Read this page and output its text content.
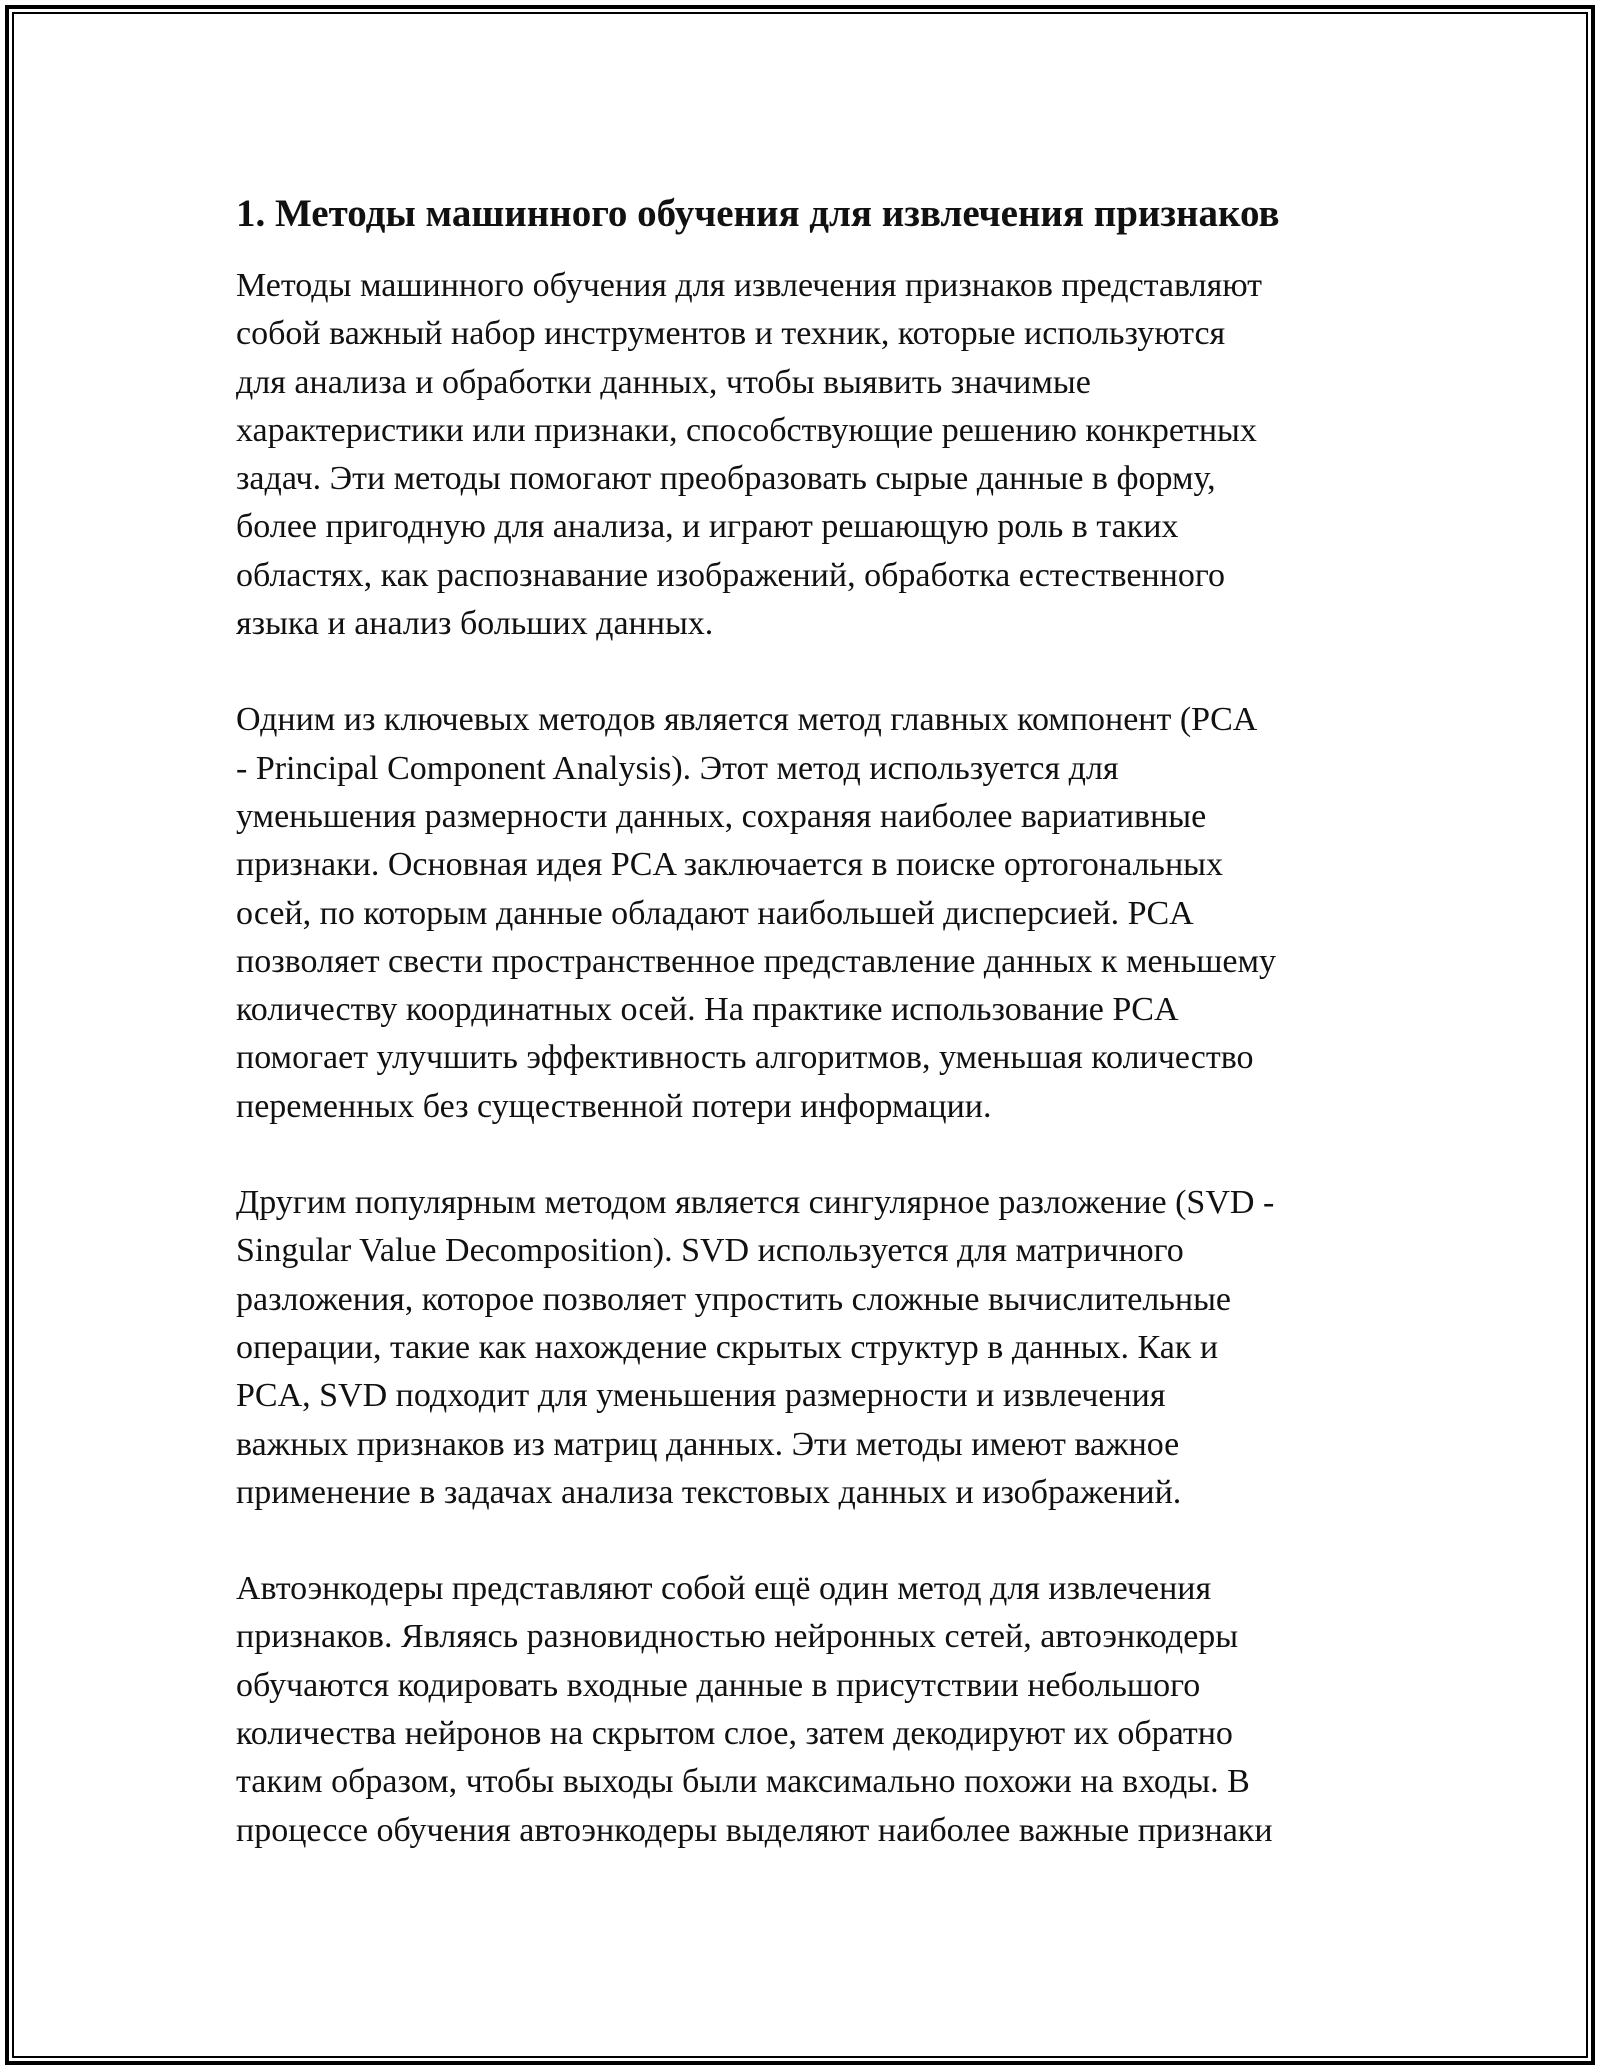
1. Методы машинного обучения для извлечения признаков

Методы машинного обучения для извлечения признаков представляют
собой важный набор инструментов и техник, которые используются
для анализа и обработки данных, чтобы выявить значимые
характеристики или признаки, способствующие решению конкретных
задач. Эти методы помогают преобразовать сырые данные в форму,
более пригодную для анализа, и играют решающую роль в таких
областях, как распознавание изображений, обработка естественного
языка и анализ больших данных.

Одним из ключевых методов является метод главных компонент (PCA
- Principal Component Analysis). Этот метод используется для
уменьшения размерности данных, сохраняя наиболее вариативные
признаки. Основная идея PCA заключается в поиске ортогональных
осей, по которым данные обладают наибольшей дисперсией. PCA
позволяет свести пространственное представление данных к меньшему
количеству координатных осей. На практике использование PCA
помогает улучшить эффективность алгоритмов, уменьшая количество
переменных без существенной потери информации.

Другим популярным методом является сингулярное разложение (SVD -
Singular Value Decomposition). SVD используется для матричного
разложения, которое позволяет упростить сложные вычислительные
операции, такие как нахождение скрытых структур в данных. Как и
PCA, SVD подходит для уменьшения размерности и извлечения
важных признаков из матриц данных. Эти методы имеют важное
применение в задачах анализа текстовых данных и изображений.

Автоэнкодеры представляют собой ещё один метод для извлечения
признаков. Являясь разновидностью нейронных сетей, автоэнкодеры
обучаются кодировать входные данные в присутствии небольшого
количества нейронов на скрытом слое, затем декодируют их обратно
таким образом, чтобы выходы были максимально похожи на входы. В
процессе обучения автоэнкодеры выделяют наиболее важные признаки
